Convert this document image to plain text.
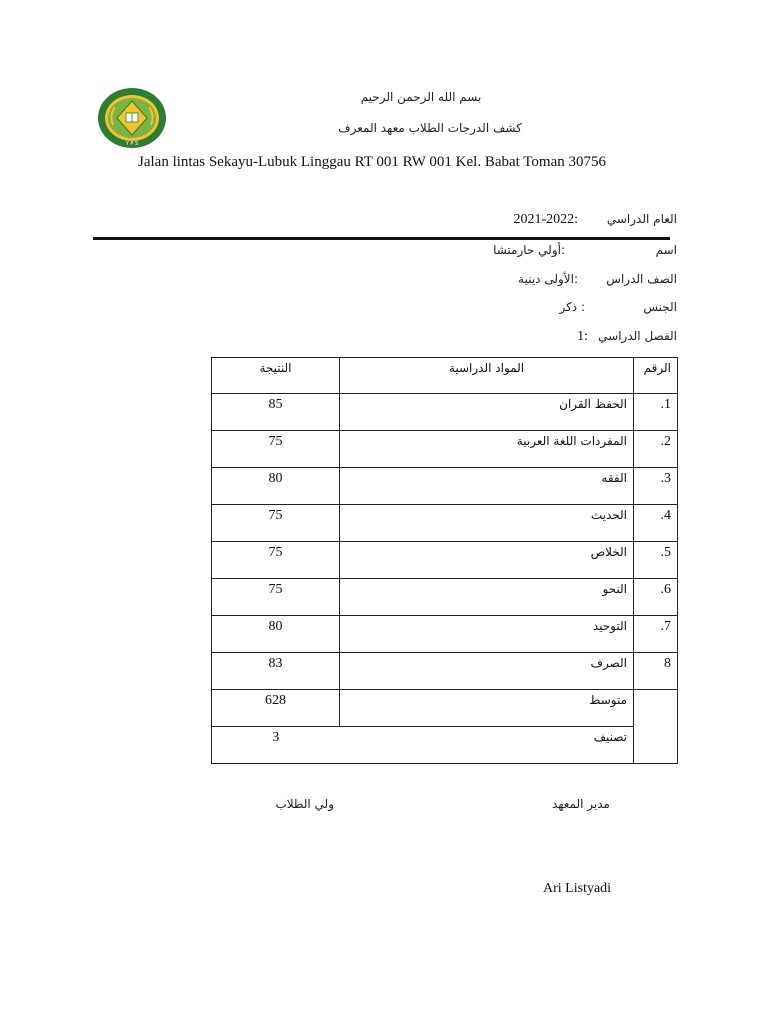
Y P S
بسم الله الرحمن الرحيم
كشف الدرجات الطلاب معهد المعرف
Jalan lintas Sekayu-Lubuk Linggau RT 001 RW 001 Kel. Babat Toman 30756
العام الدراسي
:2021-2022
اسم
:أولي حارمتشا
الصف الدراس
:الأولى دينية
الجنس
: ذكر
الفصل الدراسي
:1
النتيجة	المواد الدراسية	الرقم
85	الحفظ القران	1.
75	المفردات اللغة العربية	2.
80	الفقه	3.
75	الحديث	4.
75	الخلاص	5.
75	النحو	6.
80	التوحيد	7.
83	الصرف	8
628	متوسط	
3	تصنيف	
مدير المعهد
ولي الطلاب
Ari Listyadi
